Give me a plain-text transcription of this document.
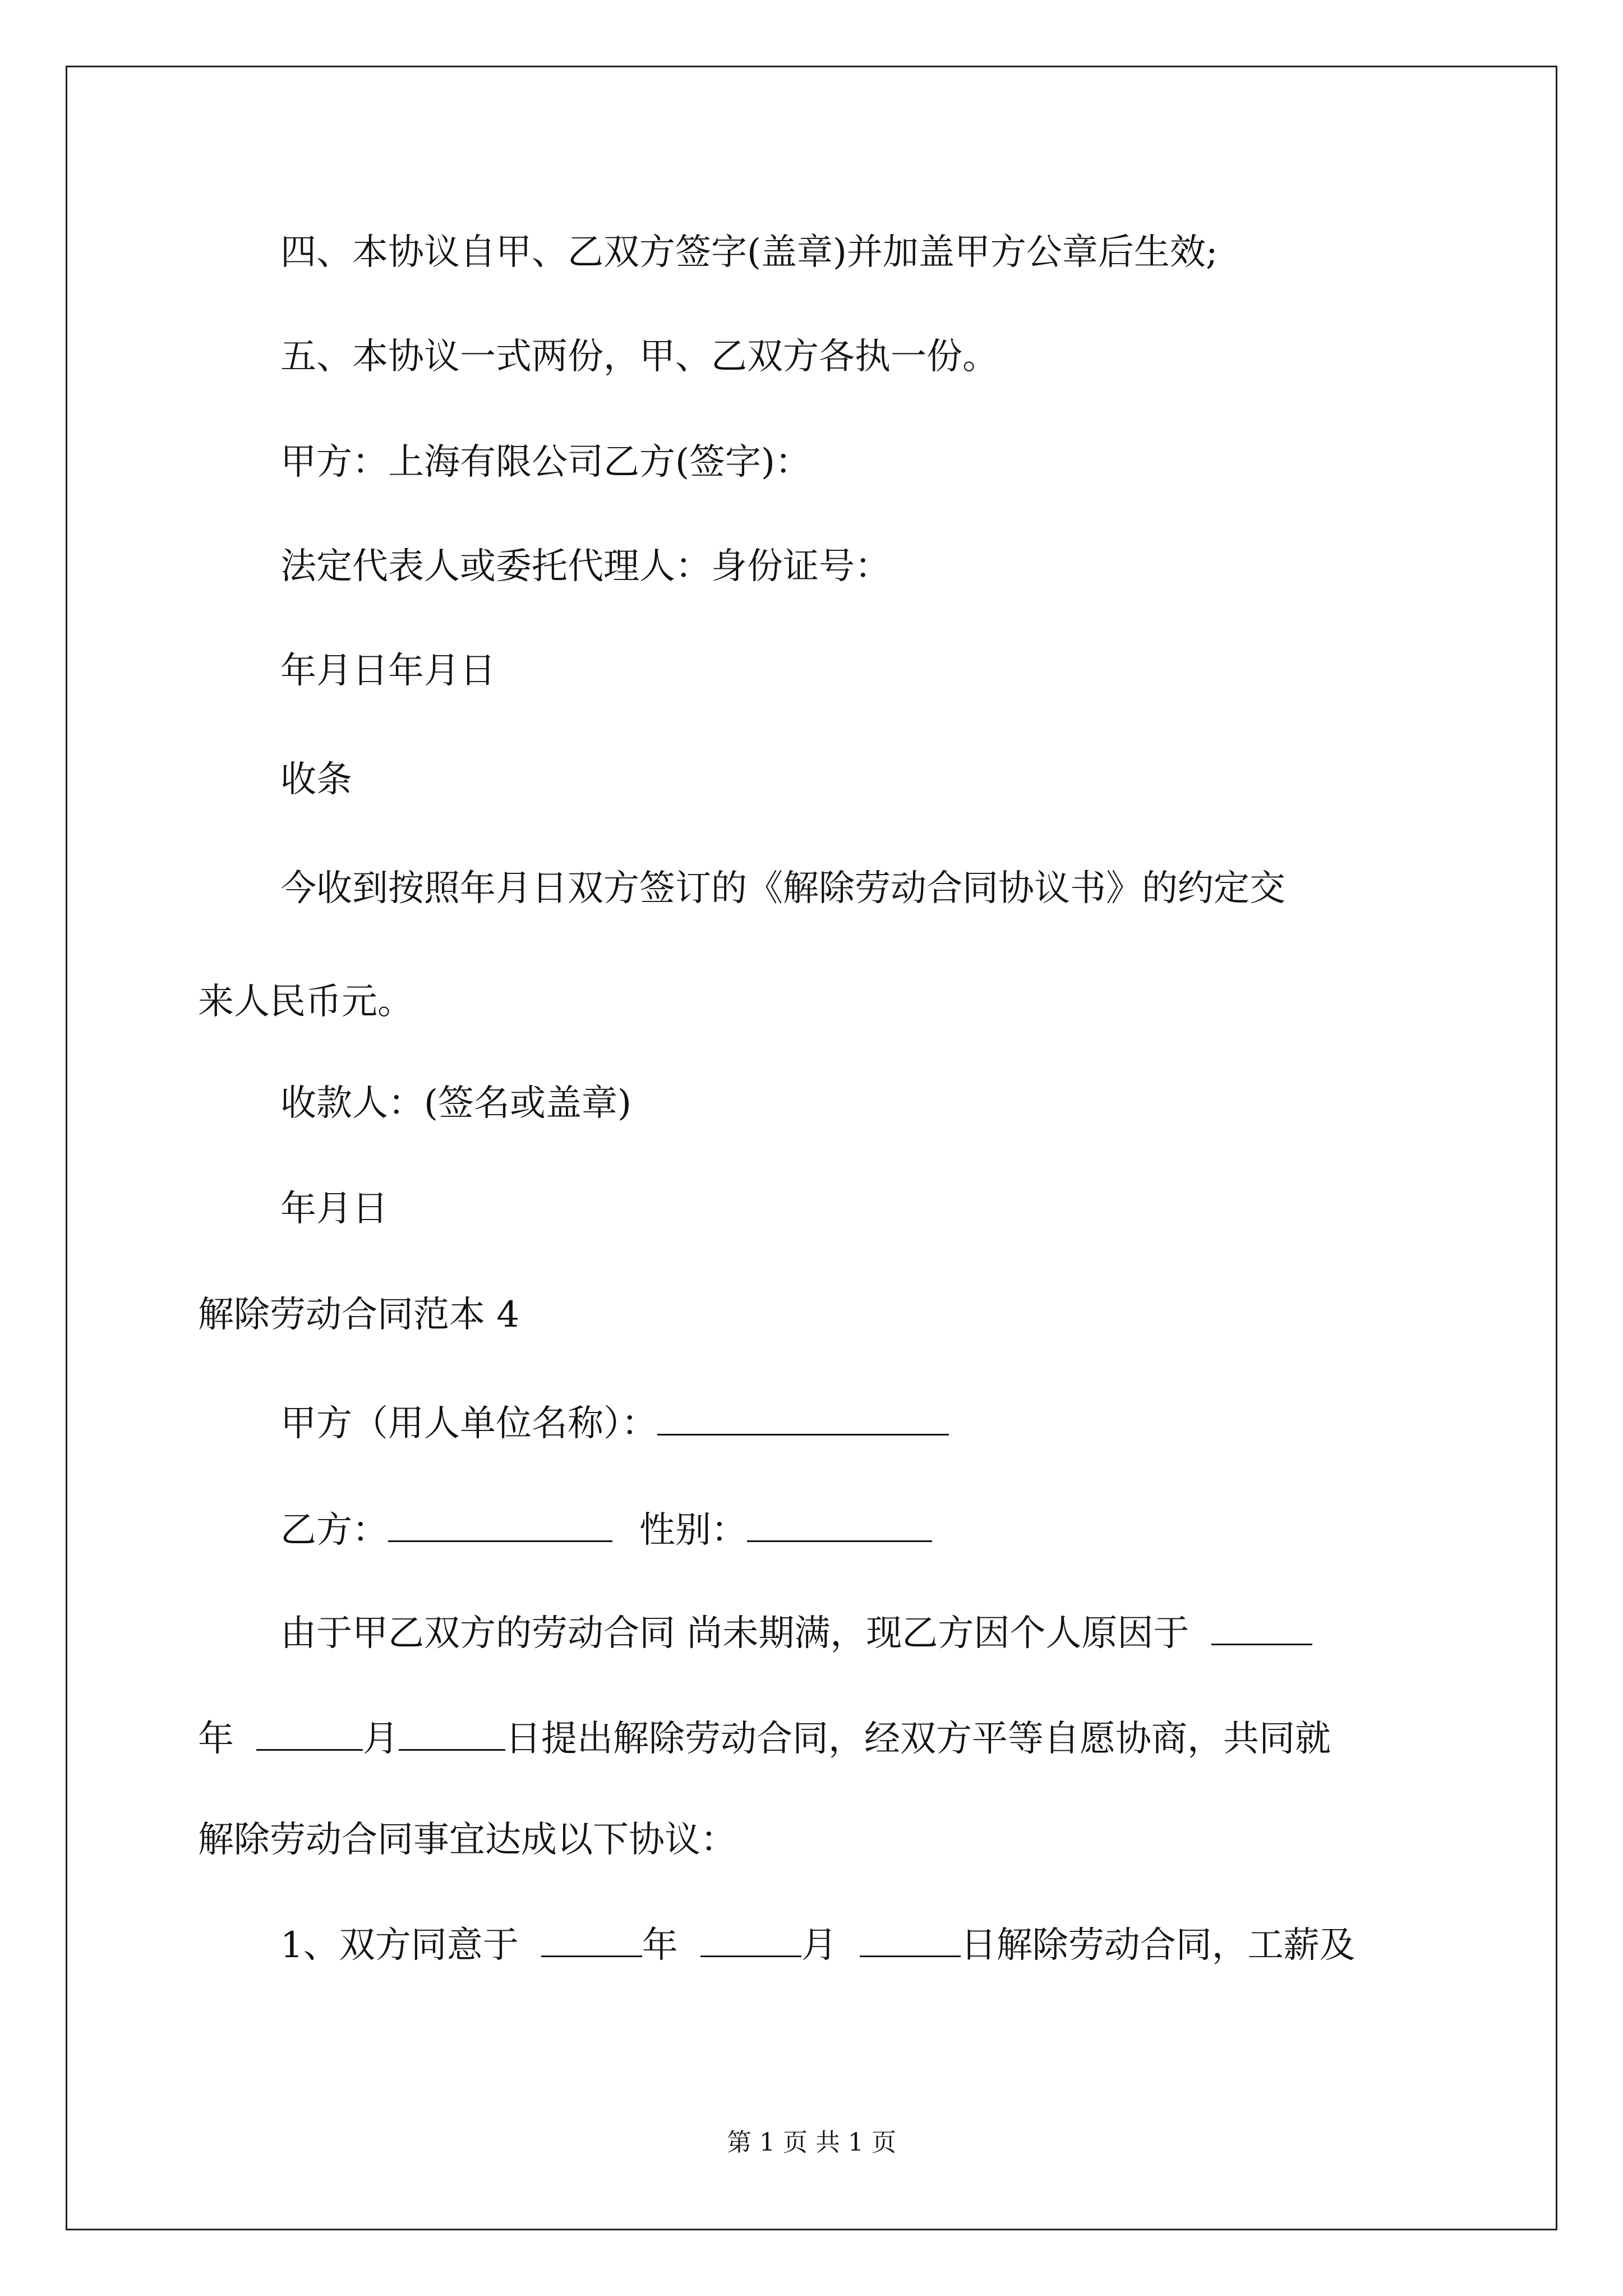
四、本协议自甲、乙双方签字(盖章)并加盖甲方公章后生效;
五、本协议一式两份，甲、乙双方各执一份。
甲方：上海有限公司乙方(签字)：
法定代表人或委托代理人：身份证号：
年月日年月日
收条
今收到按照年月日双方签订的《解除劳动合同协议书》的约定交
来人民币元。
收款人：(签名或盖章)
年月日
解除劳动合同范本 4
甲方（用人单位名称）：
乙方：	性别：
由于甲乙双方的劳动合同 尚未期满，现乙方因个人原因于
年	月	日提出解除劳动合同，经双方平等自愿协商，共同就
解除劳动合同事宜达成以下协议：
1、双方同意于	年	月	日解除劳动合同，工薪及
第 1 页 共 1 页
